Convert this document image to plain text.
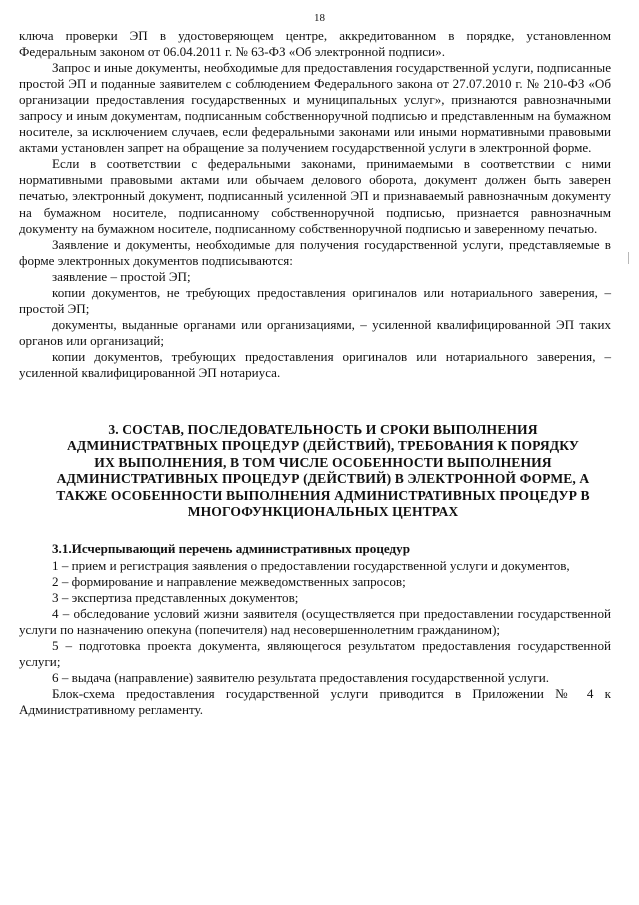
18

ключа проверки ЭП в удостоверяющем центре, аккредитованном в порядке, установленном Федеральным законом от 06.04.2011 г. № 63-ФЗ «Об электронной подписи».

Запрос и иные документы, необходимые для предоставления государственной услуги, подписанные простой ЭП и поданные заявителем с соблюдением Федерального закона от 27.07.2010 г. № 210-ФЗ «Об организации предоставления государственных и муниципальных услуг», признаются равнозначными запросу и иным документам, подписанным собственноручной подписью и представленным на бумажном носителе, за исключением случаев, если федеральными законами или иными нормативными правовыми актами установлен запрет на обращение за получением государственной услуги в электронной форме.

Если в соответствии с федеральными законами, принимаемыми в соответствии с ними нормативными правовыми актами или обычаем делового оборота, документ должен быть заверен печатью, электронный документ, подписанный усиленной ЭП и признаваемый равнозначным документу на бумажном носителе, подписанному собственноручной подписью, признается равнозначным документу на бумажном носителе, подписанному собственноручной подписью и заверенному печатью.

Заявление и документы, необходимые для получения государственной услуги, представляемые в форме электронных документов подписываются:

заявление – простой ЭП;

копии документов, не требующих предоставления оригиналов или нотариального заверения, – простой ЭП;

документы, выданные органами или организациями, – усиленной квалифицированной ЭП таких органов или организаций;

копии документов, требующих предоставления оригиналов или нотариального заверения, – усиленной квалифицированной ЭП нотариуса.

3. СОСТАВ, ПОСЛЕДОВАТЕЛЬНОСТЬ И СРОКИ ВЫПОЛНЕНИЯ АДМИНИСТРАТВНЫХ ПРОЦЕДУР (ДЕЙСТВИЙ), ТРЕБОВАНИЯ К ПОРЯДКУ ИХ ВЫПОЛНЕНИЯ, В ТОМ ЧИСЛЕ ОСОБЕННОСТИ ВЫПОЛНЕНИЯ АДМИНИСТРАТИВНЫХ ПРОЦЕДУР (ДЕЙСТВИЙ) В ЭЛЕКТРОННОЙ ФОРМЕ, А ТАКЖЕ ОСОБЕННОСТИ ВЫПОЛНЕНИЯ АДМИНИСТРАТИВНЫХ ПРОЦЕДУР В МНОГОФУНКЦИОНАЛЬНЫХ ЦЕНТРАХ
3.1.Исчерпывающий перечень административных процедур

1 – прием и регистрация заявления о предоставлении государственной услуги и документов,

2 – формирование и направление межведомственных запросов;

3 – экспертиза представленных документов;

4 – обследование условий жизни заявителя (осуществляется при предоставлении государственной услуги по назначению опекуна (попечителя) над несовершеннолетним гражданином);

5 – подготовка проекта документа, являющегося результатом предоставления государственной услуги;

6 – выдача (направление) заявителю результата предоставления государственной услуги.

Блок-схема предоставления государственной услуги приводится в Приложении № 4 к Административному регламенту.
